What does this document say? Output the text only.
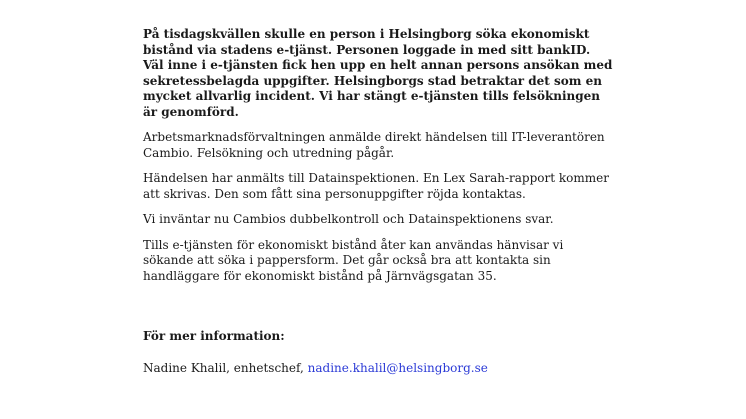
På tisdagskvällen skulle en person i Helsingborg söka ekonomiskt bistånd via stadens e-tjänst. Personen loggade in med sitt bankID. Väl inne i e-tjänsten fick hen upp en helt annan persons ansökan med sekretessbelagda uppgifter. Helsingborgs stad betraktar det som en mycket allvarlig incident. Vi har stängt e-tjänsten tills felsökningen är genomförd.

Arbetsmarknadsförvaltningen anmälde direkt händelsen till IT-leverantören Cambio. Felsökning och utredning pågår.

Händelsen har anmälts till Datainspektionen. En Lex Sarah-rapport kommer att skrivas. Den som fått sina personuppgifter röjda kontaktas.

Vi inväntar nu Cambios dubbelkontroll och Datainspektionens svar.

Tills e-tjänsten för ekonomiskt bistånd åter kan användas hänvisar vi sökande att söka i pappersform. Det går också bra att kontakta sin handläggare för ekonomiskt bistånd på Järnvägsgatan 35.

För mer information:

Nadine Khalil, enhetschef, nadine.khalil@helsingborg.se
